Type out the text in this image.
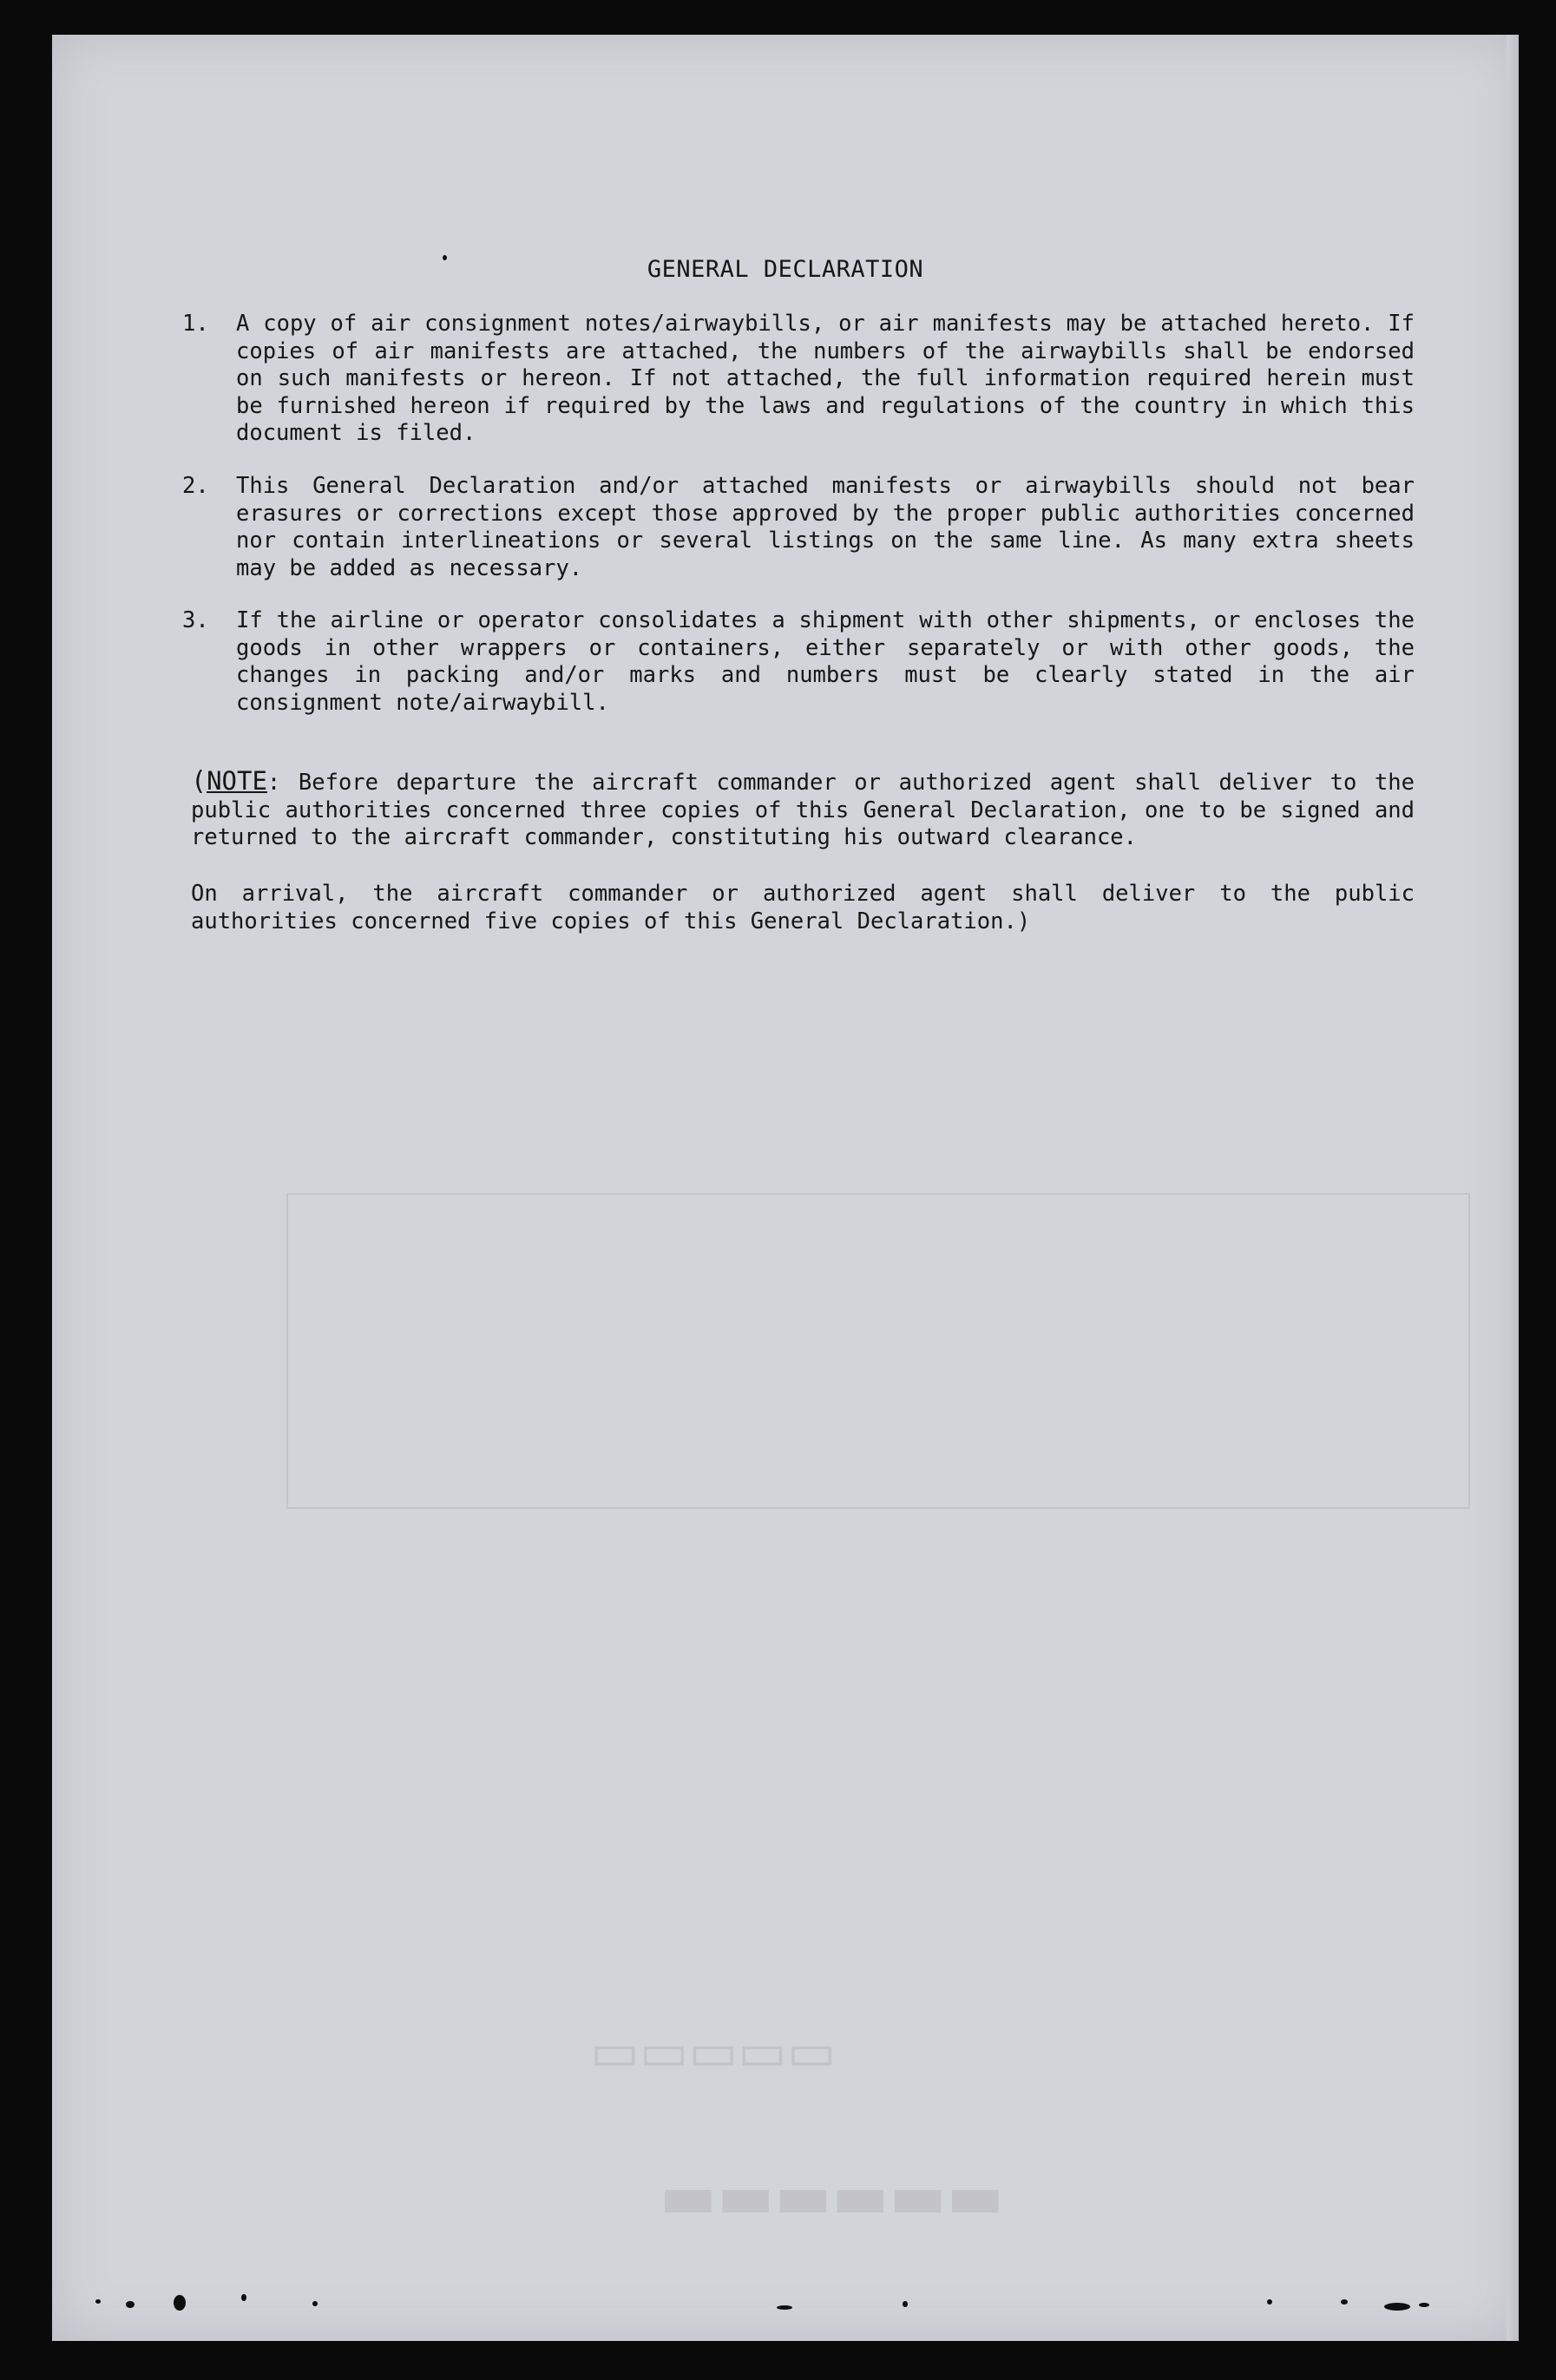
▭▭▭▭▭
▬▬▬▬▬▬
GENERAL DECLARATION
1. A copy of air consignment notes/airwaybills, or air manifests may be attached hereto. If copies of air manifests are attached, the numbers of the airwaybills shall be endorsed on such manifests or hereon. If not attached, the full information required herein must be furnished hereon if required by the laws and regulations of the country in which this document is filed.
2. This General Declaration and/or attached manifests or airwaybills should not bear erasures or corrections except those approved by the proper public authorities concerned nor contain interlineations or several listings on the same line. As many extra sheets may be added as necessary.
3. If the airline or operator consolidates a shipment with other shipments, or encloses the goods in other wrappers or containers, either separately or with other goods, the changes in packing and/or marks and numbers must be clearly stated in the air consignment note/airwaybill.
(NOTE: Before departure the aircraft commander or authorized agent shall deliver to the public authorities concerned three copies of this General Declaration, one to be signed and returned to the aircraft commander, constituting his outward clearance.
On arrival, the aircraft commander or authorized agent shall deliver to the public authorities concerned five copies of this General Declaration.)
